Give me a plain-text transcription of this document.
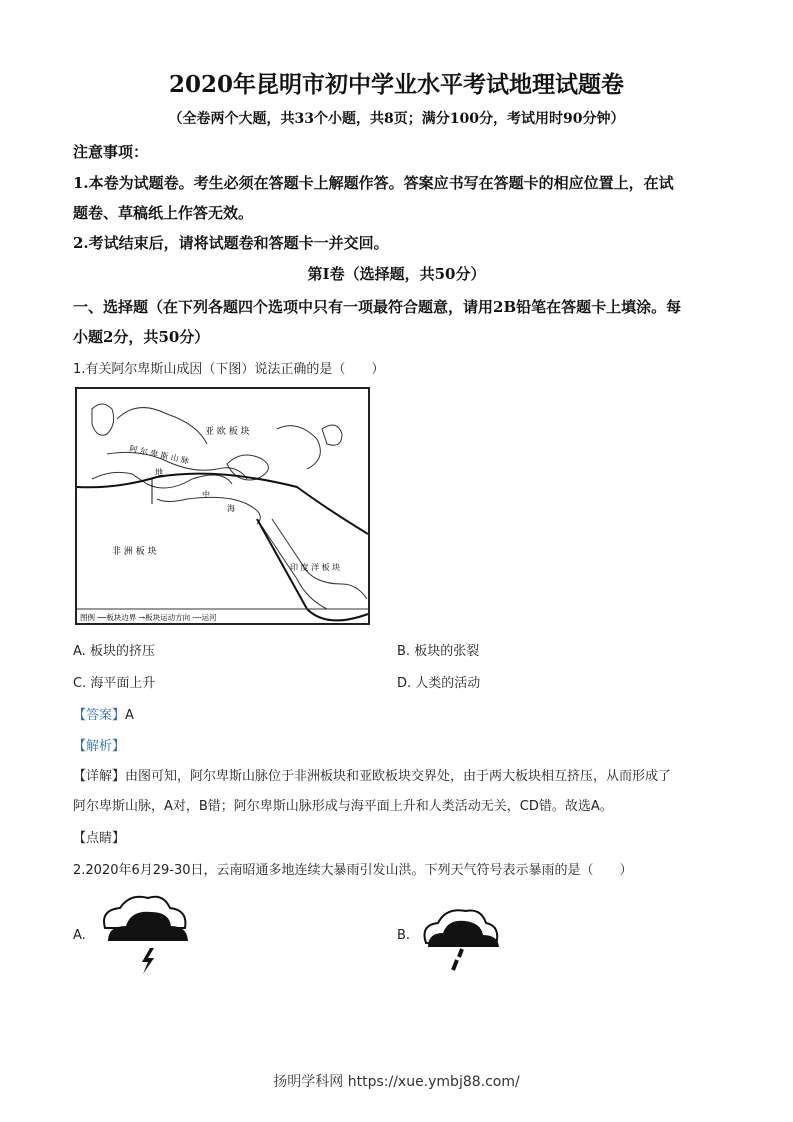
2020年昆明市初中学业水平考试地理试题卷
（全卷两个大题，共33个小题，共8页；满分100分，考试用时90分钟）
注意事项：
1.本卷为试题卷。考生必须在答题卡上解题作答。答案应书写在答题卡的相应位置上，在试
题卷、草稿纸上作答无效。
2.考试结束后，请将试题卷和答题卡一并交回。
第I卷（选择题，共50分）
一、选择题（在下列各题四个选项中只有一项最符合题意，请用2B铅笔在答题卡上填涂。每
小题2分，共50分）
1.有关阿尔卑斯山成因（下图）说法正确的是（　　）
亚 欧 板 块
阿 尔 卑 斯 山 脉
地
中
海
非 洲 板 块
印 度 洋 板 块
图例 ──板块边界 →板块运动方向 ╌╌运河
A. 板块的挤压	B. 板块的张裂
C. 海平面上升	D. 人类的活动
【答案】A
【解析】
【详解】由图可知，阿尔卑斯山脉位于非洲板块和亚欧板块交界处，由于两大板块相互挤压，从而形成了
阿尔卑斯山脉，A对，B错；阿尔卑斯山脉形成与海平面上升和人类活动无关，CD错。故选A。
【点睛】
2.2020年6月29-30日，云南昭通多地连续大暴雨引发山洪。下列天气符号表示暴雨的是（　　）
A.	B.
扬明学科网 https://xue.ymbj88.com/
